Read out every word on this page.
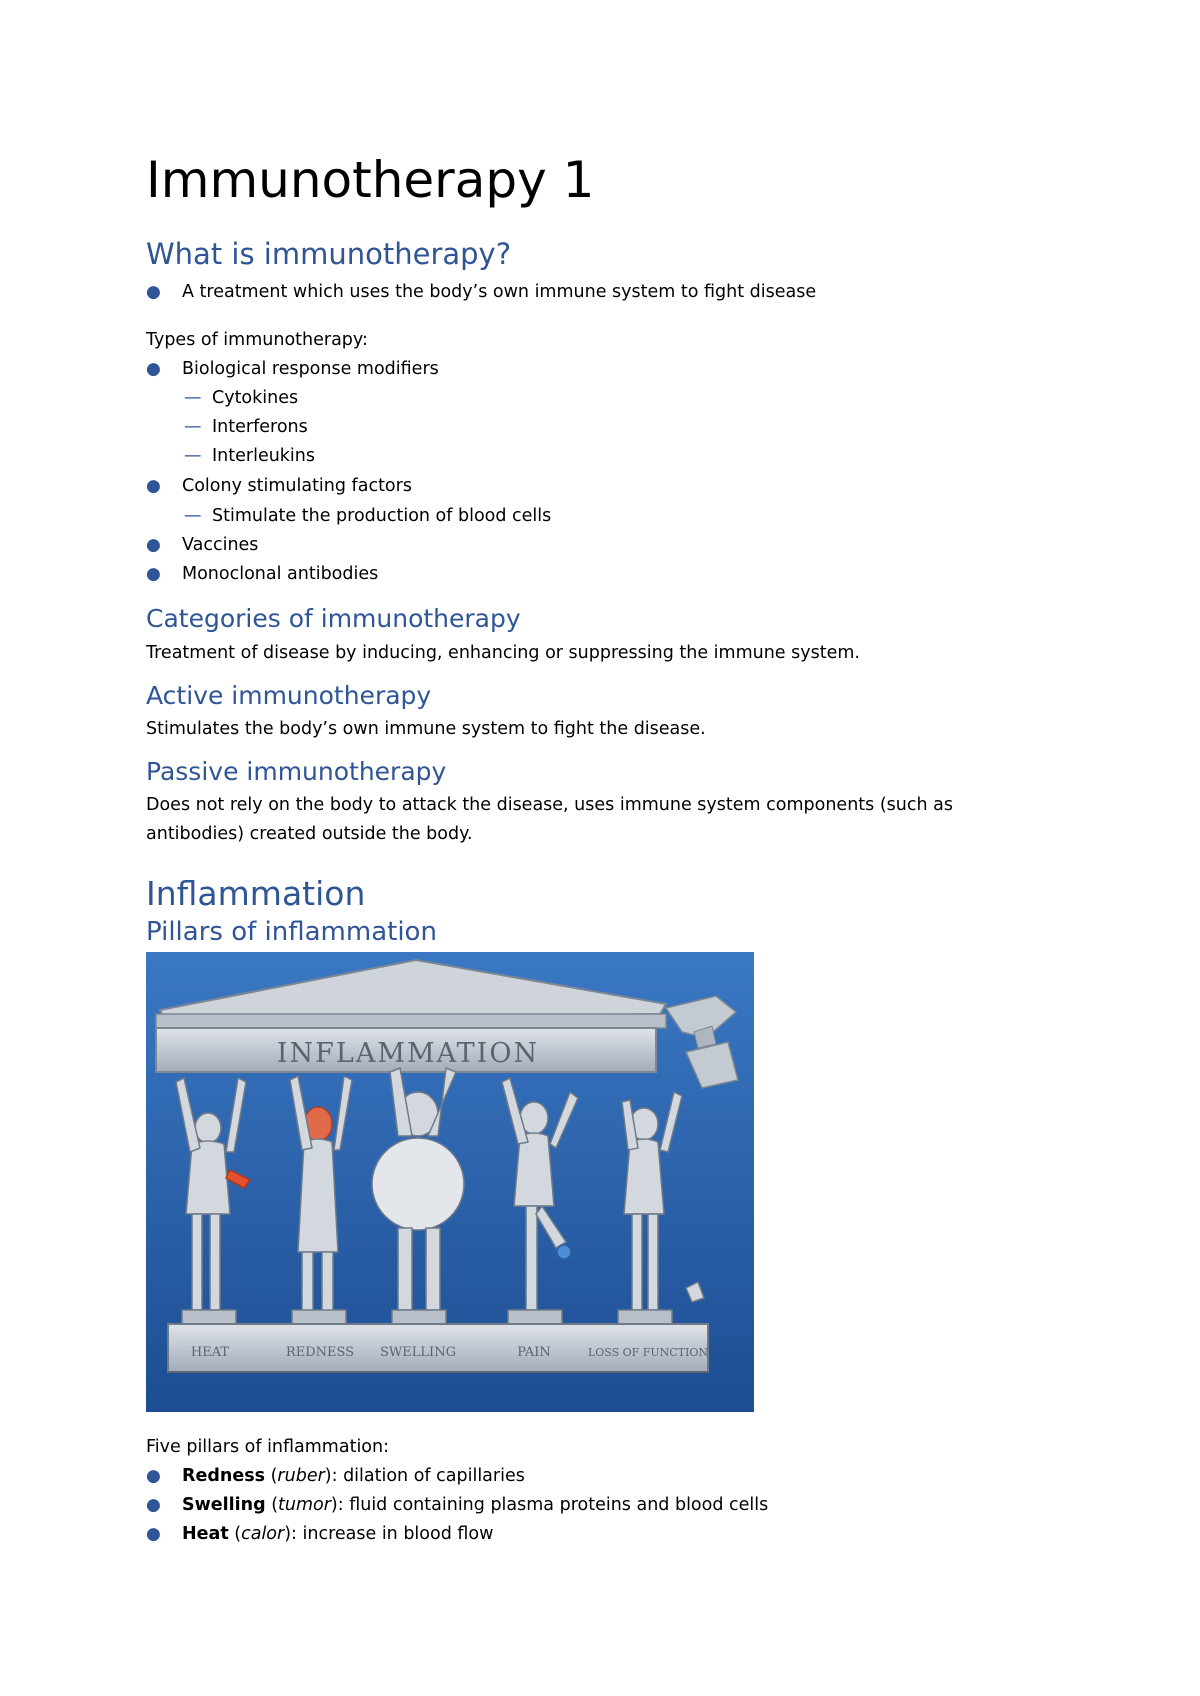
Immunotherapy 1
What is immunotherapy?
● A treatment which uses the body’s own immune system to fight disease

Types of immunotherapy:

● Biological response modifiers
— Cytokines
— Interferons
— Interleukins
● Colony stimulating factors
— Stimulate the production of blood cells
● Vaccines
● Monoclonal antibodies
Categories of immunotherapy

Treatment of disease by inducing, enhancing or suppressing the immune system.

Active immunotherapy

Stimulates the body’s own immune system to fight the disease.

Passive immunotherapy

Does not rely on the body to attack the disease, uses immune system components (such as

antibodies) created outside the body.

Inflammation
Pillars of inflammation
INFLAMMATION
HEAT	REDNESS SWELLING	PAIN	LOSS OF FUNCTION

Five pillars of inflammation:

● Redness (ruber): dilation of capillaries
● Swelling (tumor): fluid containing plasma proteins and blood cells
● Heat (calor): increase in blood flow
